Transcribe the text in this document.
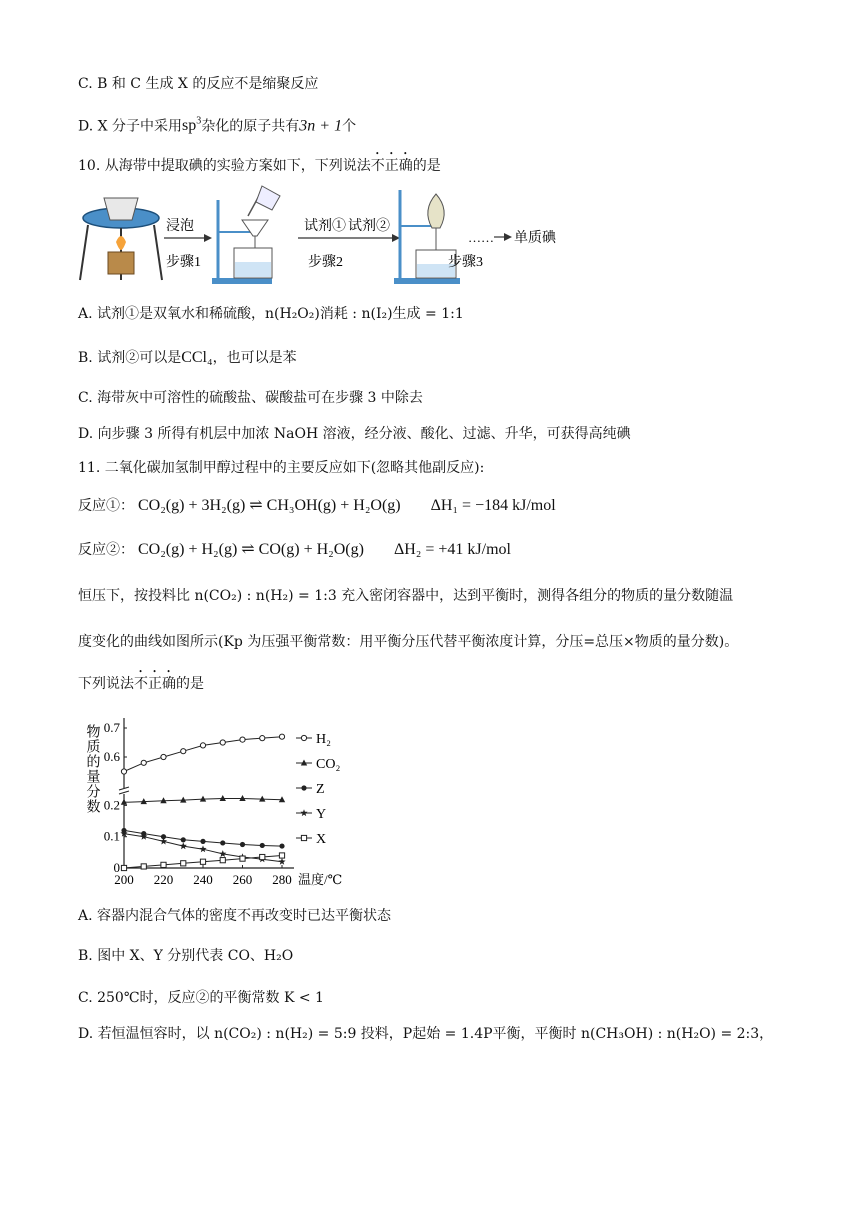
C. B 和 C 生成 X 的反应不是缩聚反应
D. X 分子中采用$sp^3$杂化的原子共有3n + 1个
10. 从海带中提取碘的实验方案如下，下列说法不正确的是
浸泡
步骤1
试剂① 试剂②
步骤2	步骤3
…… 单质碘
A. 试剂①是双氧水和稀硫酸，n(H₂O₂)消耗 : n(I₂)生成 = 1:1
B. 试剂②可以是CCl₄，也可以是苯
C. 海带灰中可溶性的硫酸盐、碳酸盐可在步骤 3 中除去
D. 向步骤 3 所得有机层中加浓 NaOH 溶液，经分液、酸化、过滤、升华，可获得高纯碘
11. 二氧化碳加氢制甲醇过程中的主要反应如下(忽略其他副反应):
反应①： CO₂(g) + 3H₂(g) ⇌ CH₃OH(g) + H₂O(g) ΔH₁ = −184 kJ/mol
反应②： CO₂(g) + H₂(g) ⇌ CO(g) + H₂O(g) ΔH₂ = +41 kJ/mol
恒压下，按投料比 n(CO₂) : n(H₂) = 1:3 充入密闭容器中，达到平衡时，测得各组分的物质的量分数随温
度变化的曲线如图所示(Kp 为压强平衡常数：用平衡分压代替平衡浓度计算，分压=总压×物质的量分数)。
下列说法不正确的是
0
0.1
0.2
0.6
0.7
200 220 240 260 280 温度/℃
物质的量分数	H₂
CO₂
Z
Y
X
A. 容器内混合气体的密度不再改变时已达平衡状态
B. 图中 X、Y 分别代表 CO、H₂O
C. 250℃时，反应②的平衡常数 K < 1
D. 若恒温恒容时，以 n(CO₂) : n(H₂) = 5:9 投料，P起始 = 1.4P平衡，平衡时 n(CH₃OH) : n(H₂O) = 2:3，
